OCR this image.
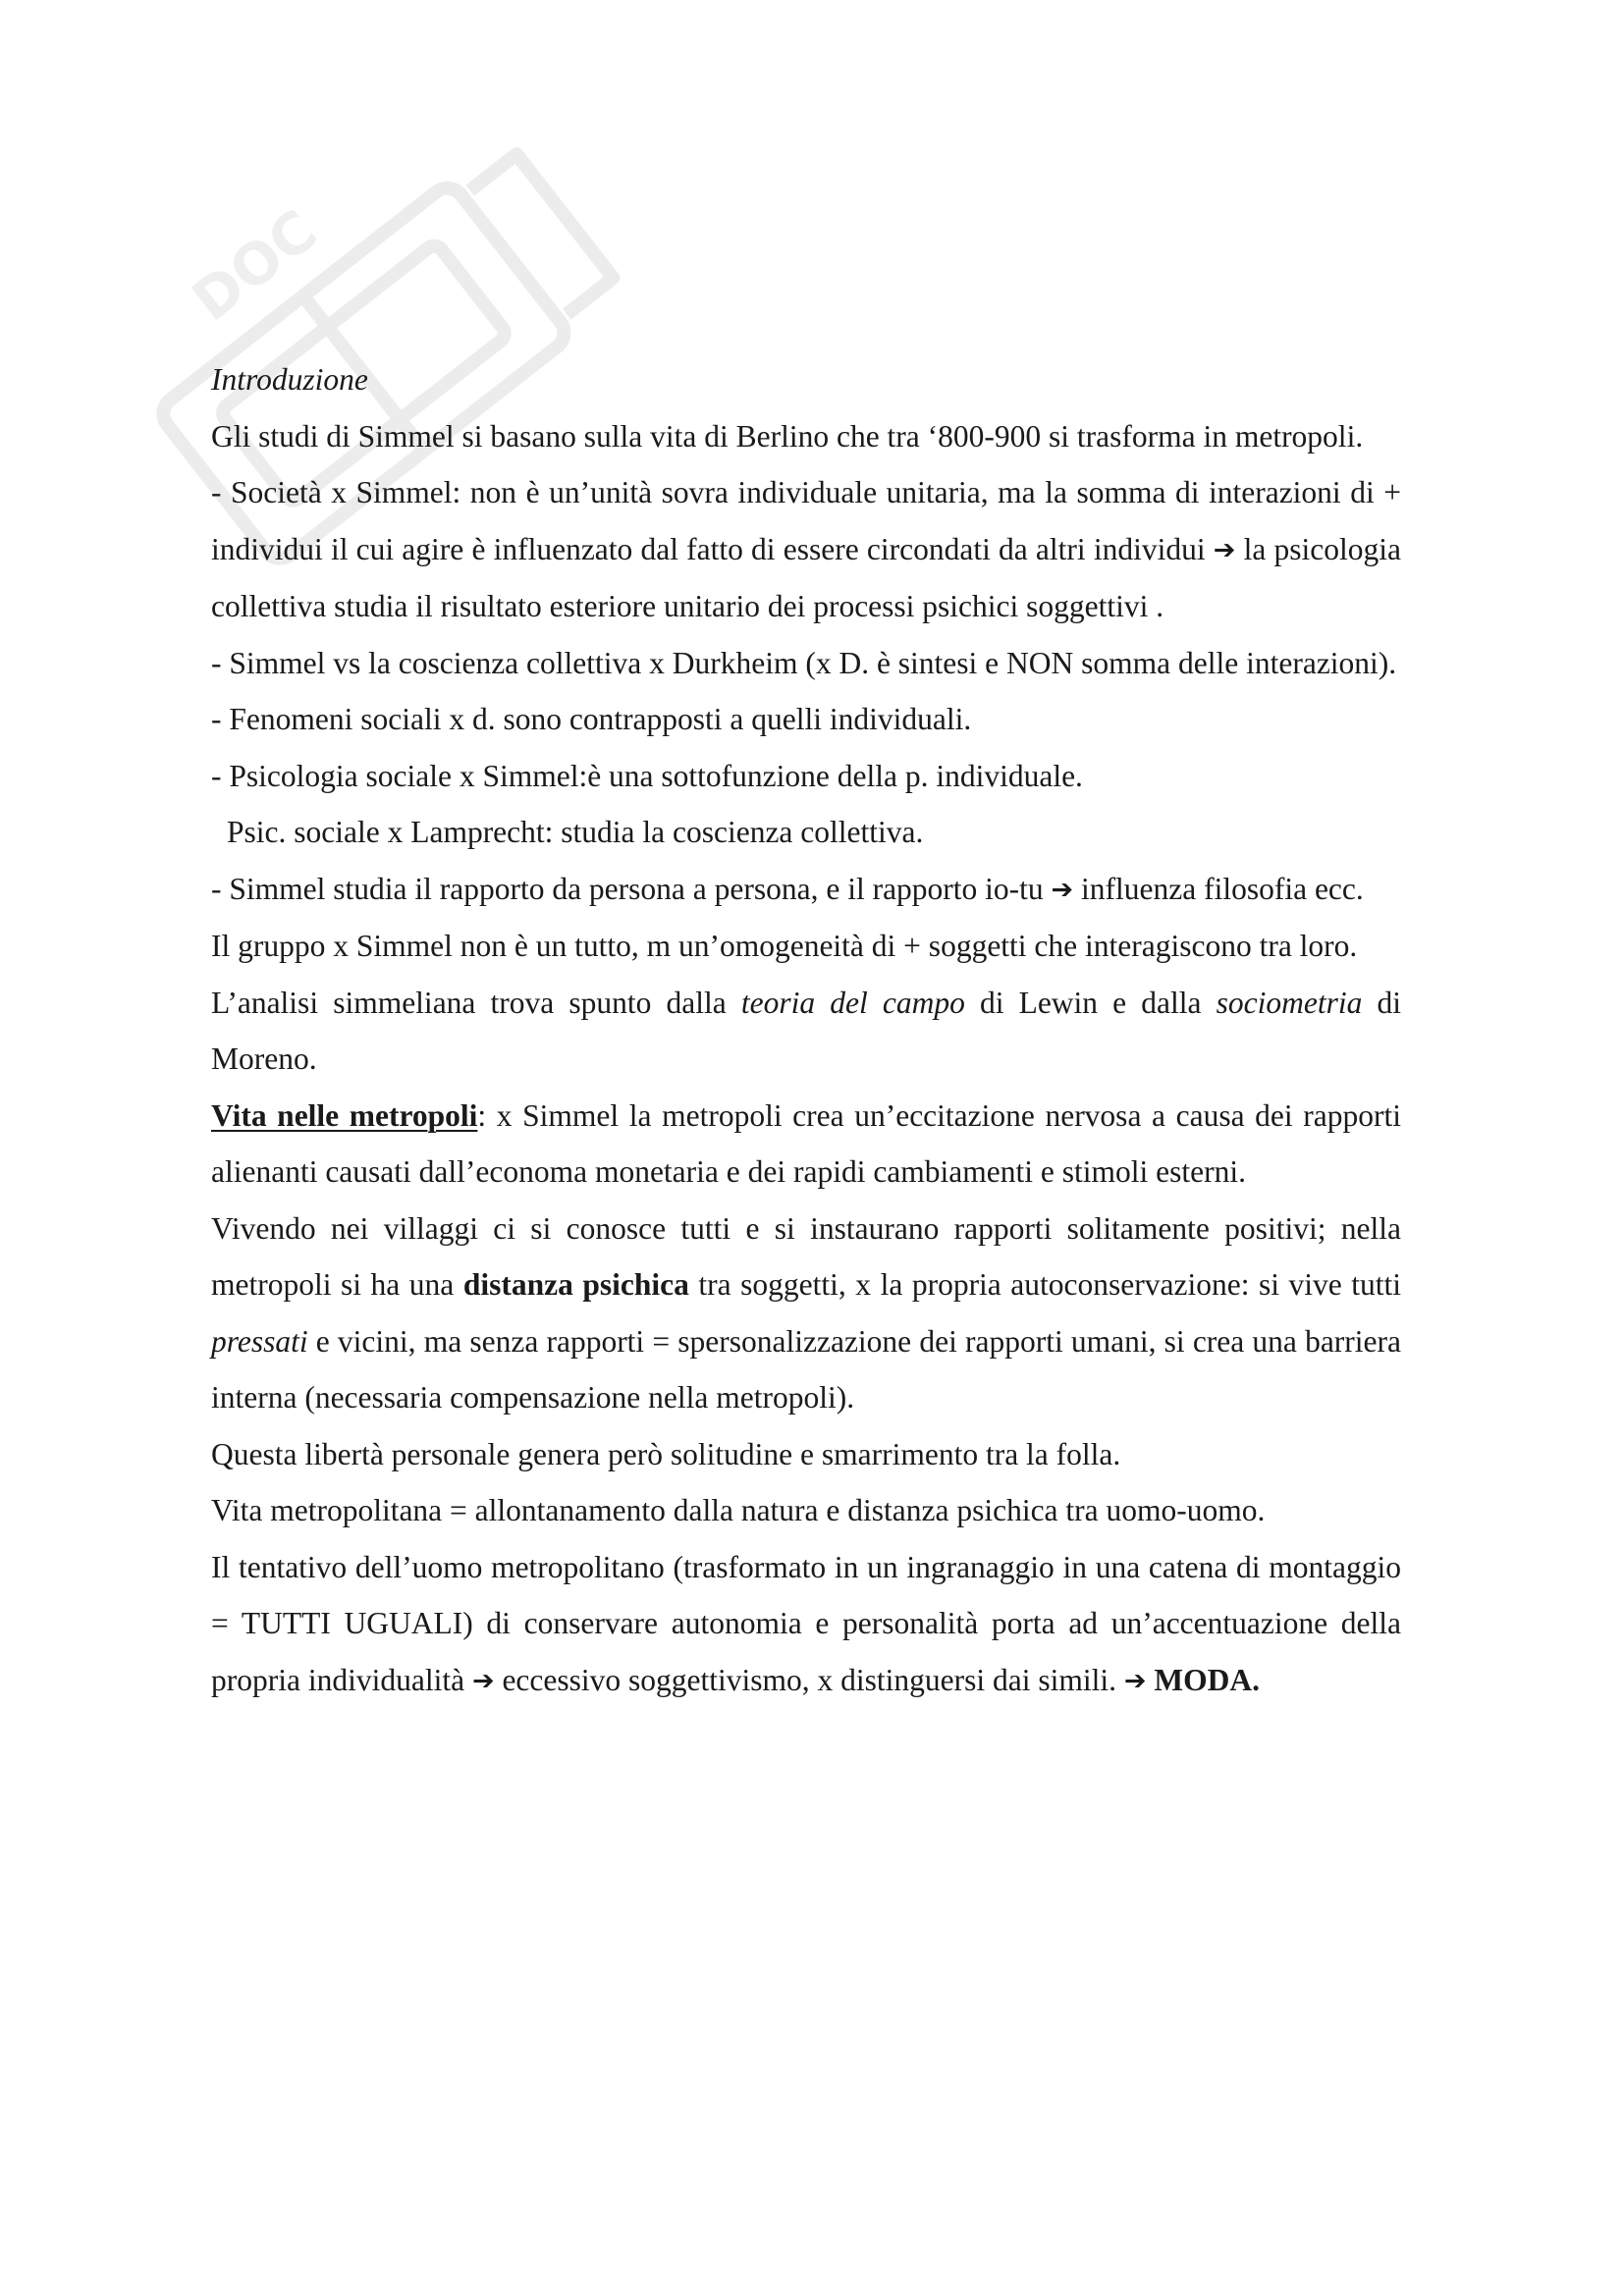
DOC

Introduzione

Gli studi di Simmel si basano sulla vita di Berlino che tra ‘800-900 si trasforma in metropoli.

- Società x Simmel: non è un’unità sovra individuale unitaria, ma la somma di interazioni di + individui il cui agire è influenzato dal fatto di essere circondati da altri individui ➔ la psicologia collettiva studia il risultato esteriore unitario dei processi psichici soggettivi .

- Simmel vs la coscienza collettiva x Durkheim (x D. è sintesi e NON somma delle interazioni).

- Fenomeni sociali x d. sono contrapposti a quelli individuali.

- Psicologia sociale x Simmel:è una sottofunzione della p. individuale.

Psic. sociale x Lamprecht: studia la coscienza collettiva.

- Simmel studia il rapporto da persona a persona, e il rapporto io-tu ➔ influenza filosofia ecc.

Il gruppo x Simmel non è un tutto, m un’omogeneità di + soggetti che interagiscono tra loro.

L’analisi simmeliana trova spunto dalla teoria del campo di Lewin e dalla sociometria di Moreno.

Vita nelle metropoli: x Simmel la metropoli crea un’eccitazione nervosa a causa dei rapporti alienanti causati dall’economa monetaria e dei rapidi cambiamenti e stimoli esterni.

Vivendo nei villaggi ci si conosce tutti e si instaurano rapporti solitamente positivi; nella metropoli si ha una distanza psichica tra soggetti, x la propria autoconservazione: si vive tutti pressati e vicini, ma senza rapporti = spersonalizzazione dei rapporti umani, si crea una barriera interna (necessaria compensazione nella metropoli).

Questa libertà personale genera però solitudine e smarrimento tra la folla.

Vita metropolitana = allontanamento dalla natura e distanza psichica tra uomo-uomo.

Il tentativo dell’uomo metropolitano (trasformato in un ingranaggio in una catena di montaggio = TUTTI UGUALI) di conservare autonomia e personalità porta ad un’accentuazione della propria individualità ➔ eccessivo soggettivismo, x distinguersi dai simili. ➔ MODA.
